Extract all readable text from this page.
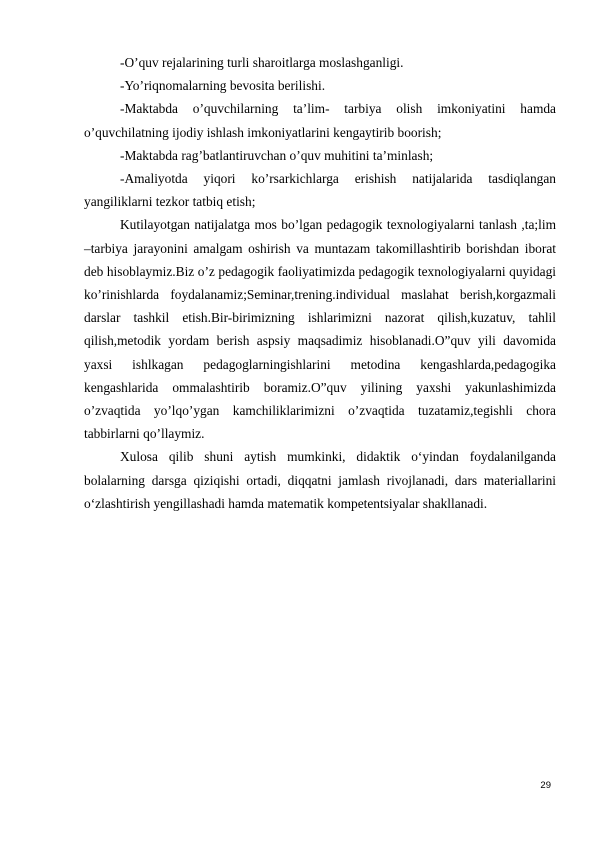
-O’quv rejalarining turli sharoitlarga moslashganligi.

-Yo’riqnomalarning bevosita berilishi.

-Maktabda o’quvchilarning ta’lim- tarbiya olish imkoniyatini hamda o’quvchilatning ijodiy ishlash imkoniyatlarini kengaytirib boorish;

-Maktabda rag’batlantiruvchan o’quv muhitini ta’minlash;

-Amaliyotda yiqori ko’rsarkichlarga erishish natijalarida tasdiqlangan yangiliklarni tezkor tatbiq etish;

Kutilayotgan natijalatga mos bo’lgan pedagogik texnologiyalarni tanlash ,ta;lim –tarbiya jarayonini amalgam oshirish va muntazam takomillashtirib borishdan iborat deb hisoblaymiz.Biz o’z pedagogik faoliyatimizda pedagogik texnologiyalarni quyidagi ko’rinishlarda foydalanamiz;Seminar,trening.individual maslahat berish,korgazmali darslar tashkil etish.Bir-birimizning ishlarimizni nazorat qilish,kuzatuv, tahlil qilish,metodik yordam berish aspsiy maqsadimiz hisoblanadi.O”quv yili davomida yaxsi ishlkagan pedagoglarningishlarini metodina kengashlarda,pedagogika kengashlarida ommalashtirib boramiz.O”quv yilining yaxshi yakunlashimizda o’zvaqtida yo’lqo’ygan kamchiliklarimizni o’zvaqtida tuzatamiz,tegishli chora tabbirlarni qo’llaymiz.

Xulosa qilib shuni aytish mumkinki, didaktik o‘yindan foydalanilganda bolalarning darsga qiziqishi ortadi, diqqatni jamlash rivojlanadi, dars materiallarini o‘zlashtirish yengillashadi hamda matematik kompetentsiyalar shakllanadi.

29
